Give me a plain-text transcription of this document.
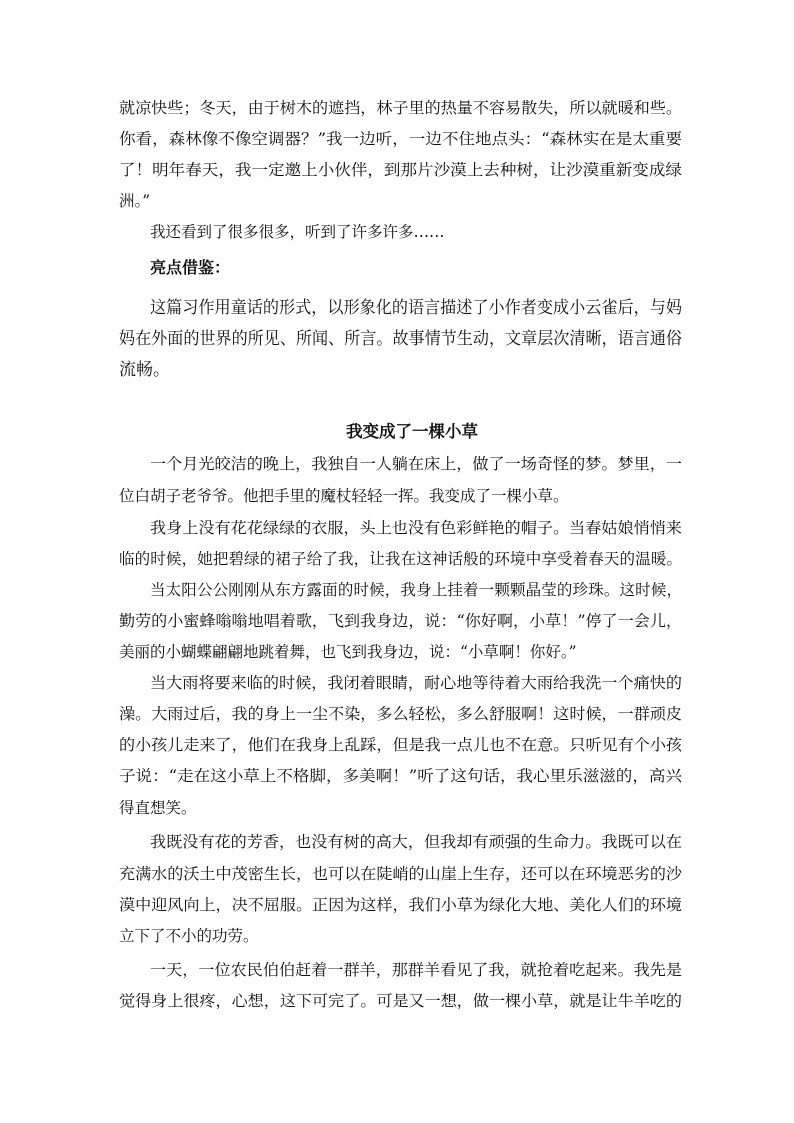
就凉快些；冬天，由于树木的遮挡，林子里的热量不容易散失，所以就暖和些。
你看，森林像不像空调器？”我一边听，一边不住地点头：“森林实在是太重要
了！明年春天，我一定邀上小伙伴，到那片沙漠上去种树，让沙漠重新变成绿
洲。”
我还看到了很多很多，听到了许多许多……
亮点借鉴：
这篇习作用童话的形式，以形象化的语言描述了小作者变成小云雀后，与妈
妈在外面的世界的所见、所闻、所言。故事情节生动，文章层次清晰，语言通俗
流畅。
我变成了一棵小草
一个月光皎洁的晚上，我独自一人躺在床上，做了一场奇怪的梦。梦里，一
位白胡子老爷爷。他把手里的魔杖轻轻一挥。我变成了一棵小草。
我身上没有花花绿绿的衣服，头上也没有色彩鲜艳的帽子。当春姑娘悄悄来
临的时候，她把碧绿的裙子给了我，让我在这神话般的环境中享受着春天的温暖。
当太阳公公刚刚从东方露面的时候，我身上挂着一颗颗晶莹的珍珠。这时候，
勤劳的小蜜蜂嗡嗡地唱着歌，飞到我身边，说：“你好啊，小草！”停了一会儿，
美丽的小蝴蝶翩翩地跳着舞，也飞到我身边，说：“小草啊！你好。”
当大雨将要来临的时候，我闭着眼睛，耐心地等待着大雨给我洗一个痛快的
澡。大雨过后，我的身上一尘不染，多么轻松，多么舒服啊！这时候，一群顽皮
的小孩儿走来了，他们在我身上乱踩，但是我一点儿也不在意。只听见有个小孩
子说：“走在这小草上不格脚，多美啊！”听了这句话，我心里乐滋滋的，高兴
得直想笑。
我既没有花的芳香，也没有树的高大，但我却有顽强的生命力。我既可以在
充满水的沃土中茂密生长，也可以在陡峭的山崖上生存，还可以在环境恶劣的沙
漠中迎风向上，决不屈服。正因为这样，我们小草为绿化大地、美化人们的环境
立下了不小的功劳。
一天，一位农民伯伯赶着一群羊，那群羊看见了我，就抢着吃起来。我先是
觉得身上很疼，心想，这下可完了。可是又一想，做一棵小草，就是让牛羊吃的
